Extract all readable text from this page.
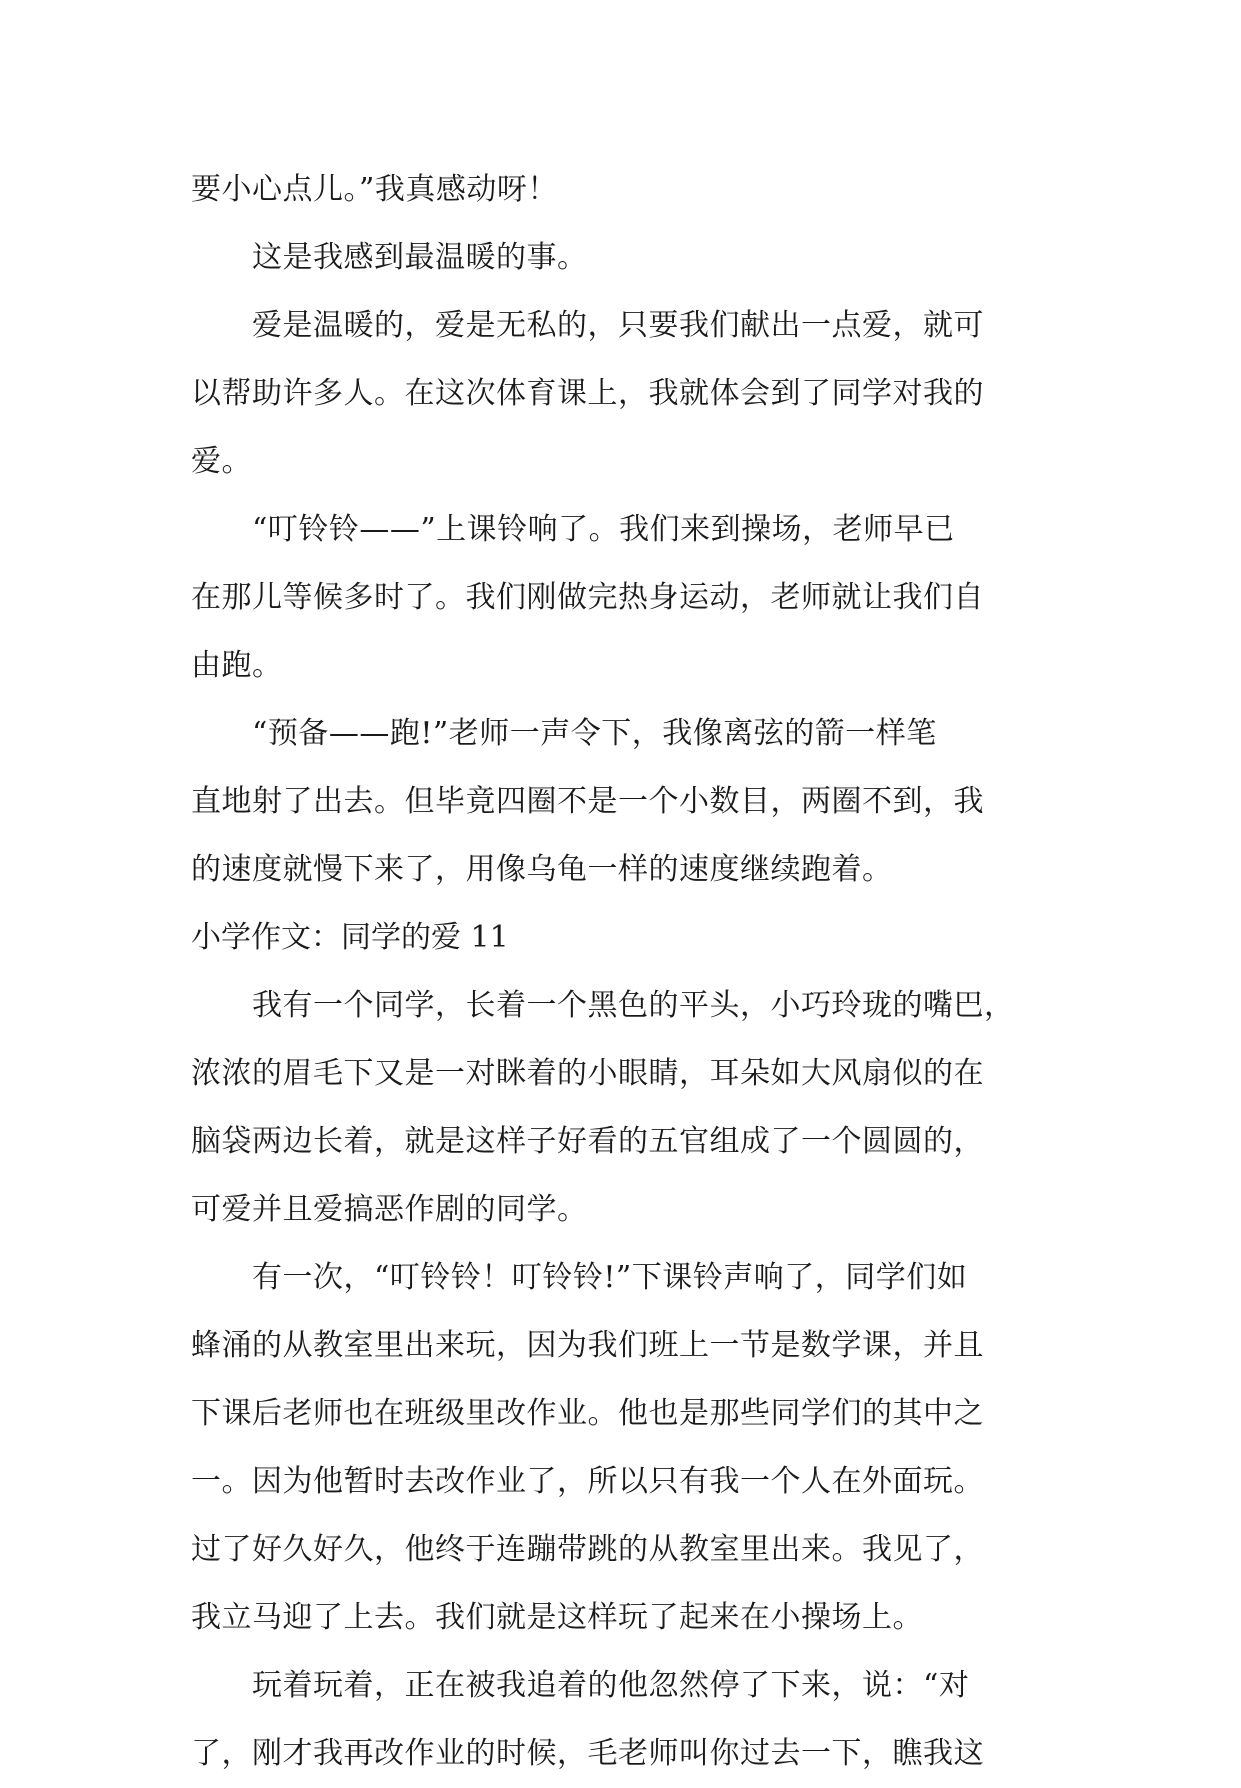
要小心点儿。”我真感动呀！
　　这是我感到最温暖的事。
　　爱是温暖的，爱是无私的，只要我们献出一点爱，就可
以帮助许多人。在这次体育课上，我就体会到了同学对我的
爱。
　　“叮铃铃——”上课铃响了。我们来到操场，老师早已
在那儿等候多时了。我们刚做完热身运动，老师就让我们自
由跑。
　　“预备——跑!”老师一声令下，我像离弦的箭一样笔
直地射了出去。但毕竟四圈不是一个小数目，两圈不到，我
的速度就慢下来了，用像乌龟一样的速度继续跑着。
小学作文：同学的爱 11
　　我有一个同学，长着一个黑色的平头，小巧玲珑的嘴巴，
浓浓的眉毛下又是一对眯着的小眼睛，耳朵如大风扇似的在
脑袋两边长着，就是这样子好看的五官组成了一个圆圆的，
可爱并且爱搞恶作剧的同学。
　　有一次，“叮铃铃！叮铃铃!”下课铃声响了，同学们如
蜂涌的从教室里出来玩，因为我们班上一节是数学课，并且
下课后老师也在班级里改作业。他也是那些同学们的其中之
一。因为他暂时去改作业了，所以只有我一个人在外面玩。
过了好久好久，他终于连蹦带跳的从教室里出来。我见了，
我立马迎了上去。我们就是这样玩了起来在小操场上。
　　玩着玩着，正在被我追着的他忽然停了下来，说：“对
了，刚才我再改作业的时候，毛老师叫你过去一下，瞧我这
